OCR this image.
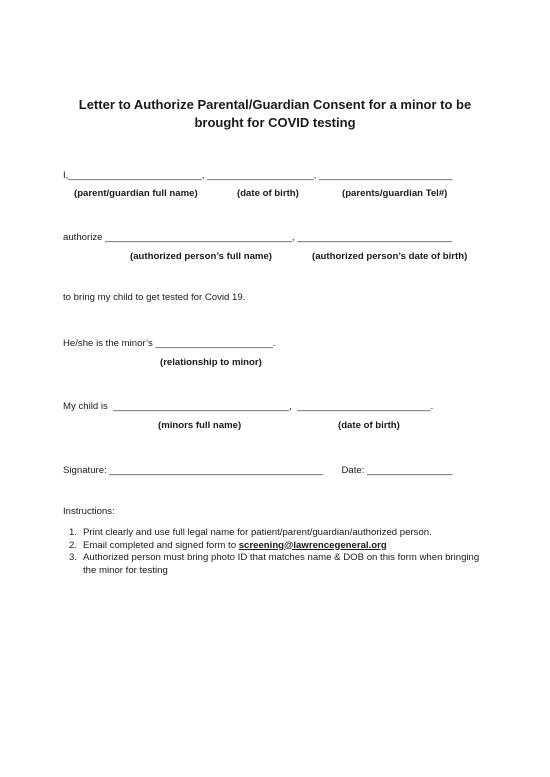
Letter to Authorize Parental/Guardian Consent for a minor to be
brought for COVID testing
I,_________________________, ____________________, _________________________
(parent/guardian full name)	(date of birth)	(parents/guardian Tel#)
authorize ___________________________________, _____________________________
(authorized person’s full name)	(authorized person’s date of birth)
to bring my child to get tested for Covid 19.
He/she is the minor’s ______________________.
(relationship to minor)
My child is  _________________________________,  _________________________.
(minors full name)	(date of birth)
Signature: ________________________________________       Date: ________________
Instructions:
1. Print clearly and use full legal name for patient/parent/guardian/authorized person.
2. Email completed and signed form to screening@lawrencegeneral.org
3. Authorized person must bring photo ID that matches name & DOB on this form when bringing the minor for testing
